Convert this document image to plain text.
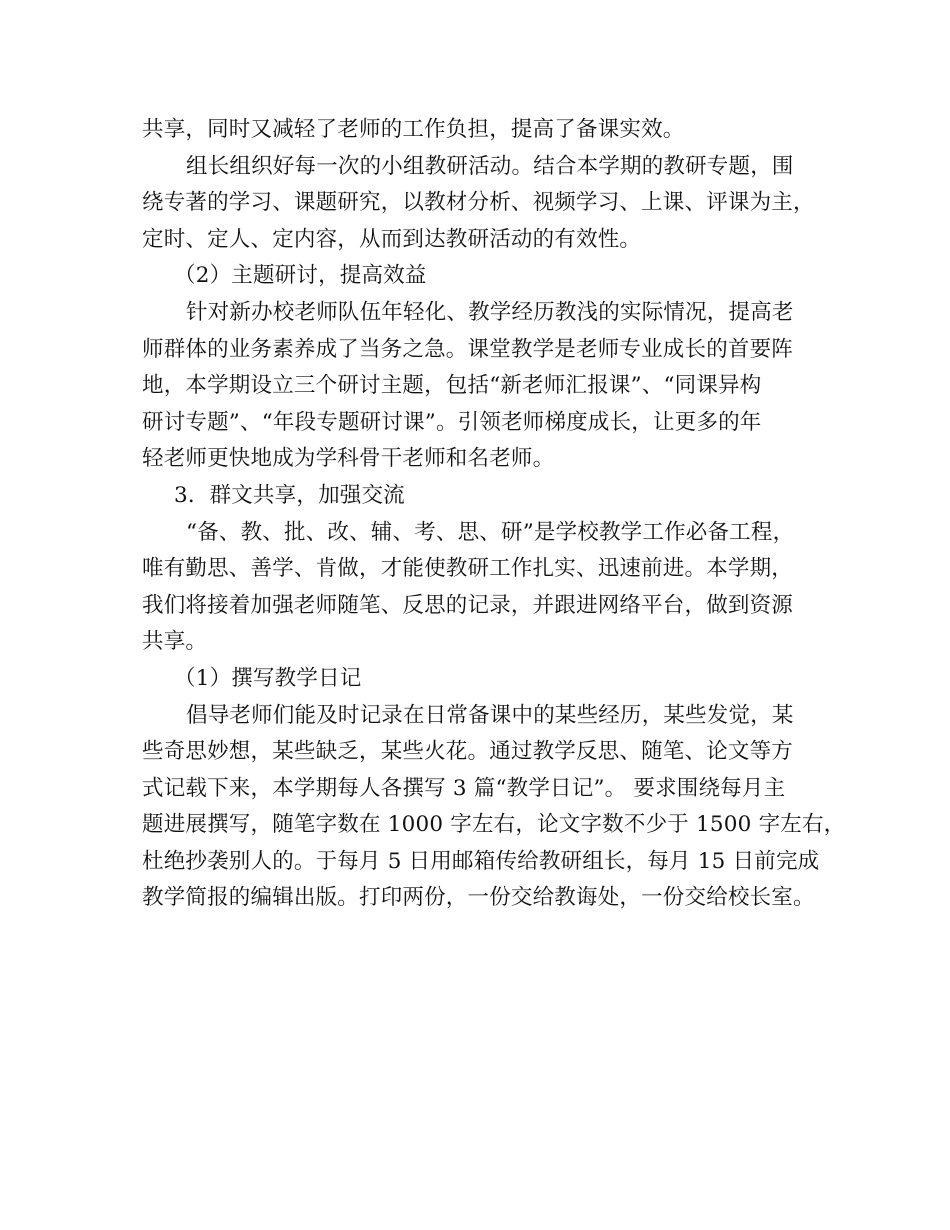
共享，同时又减轻了老师的工作负担，提高了备课实效。
组长组织好每一次的小组教研活动。结合本学期的教研专题，围
绕专著的学习、课题研究，以教材分析、视频学习、上课、评课为主，
定时、定人、定内容，从而到达教研活动的有效性。
（2）主题研讨，提高效益
针对新办校老师队伍年轻化、教学经历教浅的实际情况，提高老
师群体的业务素养成了当务之急。课堂教学是老师专业成长的首要阵
地，本学期设立三个研讨主题，包括“新老师汇报课”、“同课异构
研讨专题”、“年段专题研讨课”。引领老师梯度成长，让更多的年
轻老师更快地成为学科骨干老师和名老师。
3．群文共享，加强交流
“备、教、批、改、辅、考、思、研”是学校教学工作必备工程，
唯有勤思、善学、肯做，才能使教研工作扎实、迅速前进。本学期，
我们将接着加强老师随笔、反思的记录，并跟进网络平台，做到资源
共享。
（1）撰写教学日记
倡导老师们能及时记录在日常备课中的某些经历，某些发觉，某
些奇思妙想，某些缺乏，某些火花。通过教学反思、随笔、论文等方
式记载下来，本学期每人各撰写 3 篇“教学日记”。 要求围绕每月主
题进展撰写，随笔字数在 1000 字左右，论文字数不少于 1500 字左右，
杜绝抄袭别人的。于每月 5 日用邮箱传给教研组长，每月 15 日前完成
教学简报的编辑出版。打印两份，一份交给教诲处，一份交给校长室。
